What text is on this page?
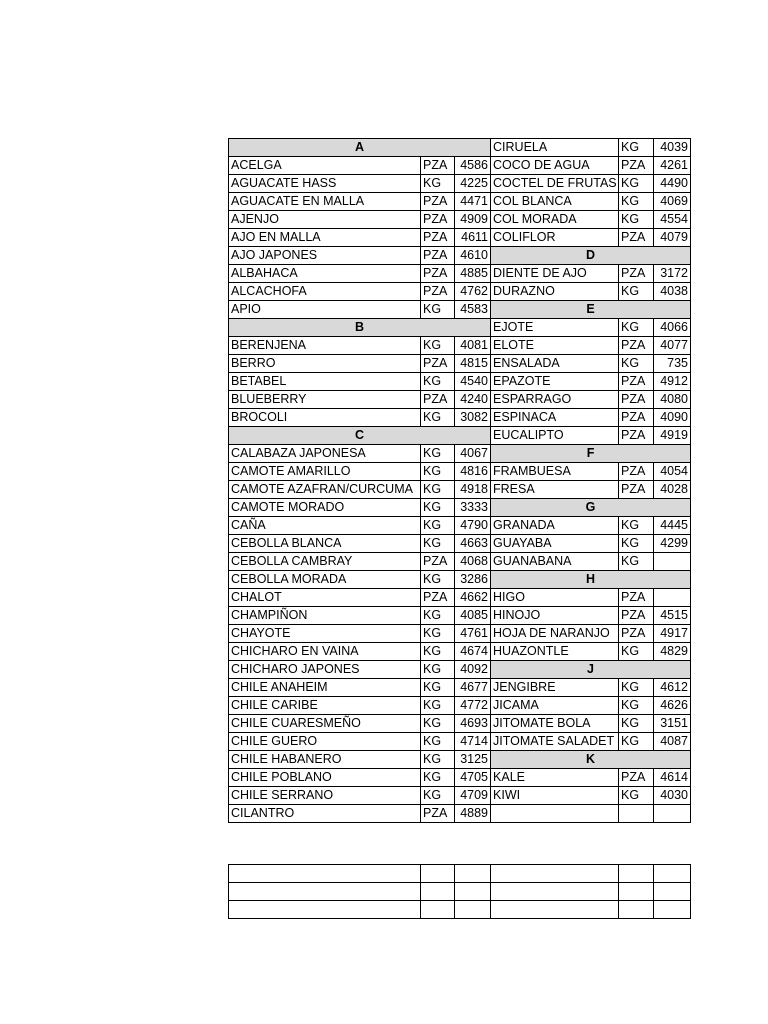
A			CIRUELA	KG	4039
ACELGA	PZA	4586	COCO DE AGUA	PZA	4261
AGUACATE HASS	KG	4225	COCTEL DE FRUTAS	KG	4490
AGUACATE EN MALLA	PZA	4471	COL BLANCA	KG	4069
AJENJO	PZA	4909	COL MORADA	KG	4554
AJO EN MALLA	PZA	4611	COLIFLOR	PZA	4079
AJO JAPONES	PZA	4610	D		
ALBAHACA	PZA	4885	DIENTE DE AJO	PZA	3172
ALCACHOFA	PZA	4762	DURAZNO	KG	4038
APIO	KG	4583	E		
B			EJOTE	KG	4066
BERENJENA	KG	4081	ELOTE	PZA	4077
BERRO	PZA	4815	ENSALADA	KG	735
BETABEL	KG	4540	EPAZOTE	PZA	4912
BLUEBERRY	PZA	4240	ESPARRAGO	PZA	4080
BROCOLI	KG	3082	ESPINACA	PZA	4090
C			EUCALIPTO	PZA	4919
CALABAZA JAPONESA	KG	4067	F		
CAMOTE AMARILLO	KG	4816	FRAMBUESA	PZA	4054
CAMOTE AZAFRAN/CURCUMA	KG	4918	FRESA	PZA	4028
CAMOTE MORADO	KG	3333	G		
CAÑA	KG	4790	GRANADA	KG	4445
CEBOLLA BLANCA	KG	4663	GUAYABA	KG	4299
CEBOLLA CAMBRAY	PZA	4068	GUANABANA	KG	
CEBOLLA MORADA	KG	3286	H		
CHALOT	PZA	4662	HIGO	PZA	
CHAMPIÑON	KG	4085	HINOJO	PZA	4515
CHAYOTE	KG	4761	HOJA DE NARANJO	PZA	4917
CHICHARO EN VAINA	KG	4674	HUAZONTLE	KG	4829
CHICHARO JAPONES	KG	4092	J		
CHILE ANAHEIM	KG	4677	JENGIBRE	KG	4612
CHILE CARIBE	KG	4772	JICAMA	KG	4626
CHILE CUARESMEÑO	KG	4693	JITOMATE BOLA	KG	3151
CHILE GUERO	KG	4714	JITOMATE SALADET	KG	4087
CHILE HABANERO	KG	3125	K		
CHILE POBLANO	KG	4705	KALE	PZA	4614
CHILE SERRANO	KG	4709	KIWI	KG	4030
CILANTRO	PZA	4889			
